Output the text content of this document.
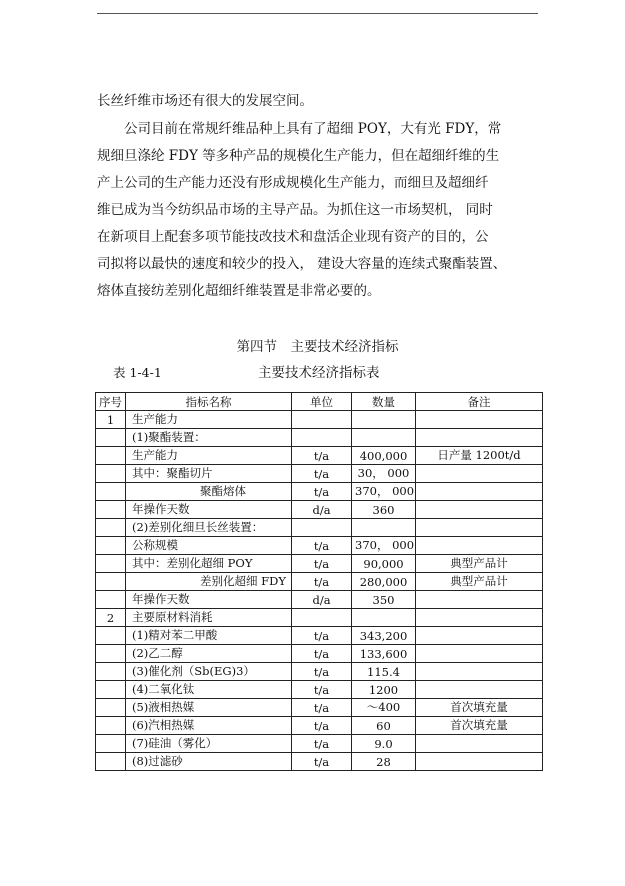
长丝纤维市场还有很大的发展空间。
　　公司目前在常规纤维品种上具有了超细 POY，大有光 FDY，常
规细旦涤纶 FDY 等多种产品的规模化生产能力，但在超细纤维的生
产上公司的生产能力还没有形成规模化生产能力，而细旦及超细纤
维已成为当今纺织品市场的主导产品。为抓住这一市场契机， 同时
在新项目上配套多项节能技改技术和盘活企业现有资产的目的，公
司拟将以最快的速度和较少的投入， 建设大容量的连续式聚酯装置、
熔体直接纺差别化超细纤维装置是非常必要的。
第四节　主要技术经济指标
表 1-4-1	主要技术经济指标表
序号	指标名称	单位	数量	备注
1	生产能力			
	(1)聚酯装置：			
	生产能力	t/a	400,000	日产量 1200t/d
	其中：聚酯切片	t/a	30， 000	
	聚酯熔体	t/a	370， 000	
	年操作天数	d/a	360	
	(2)差别化细旦长丝装置：			
	公称规模	t/a	370， 000	
	其中：差别化超细 POY	t/a	90,000	典型产品计
	差别化超细 FDY	t/a	280,000	典型产品计
	年操作天数	d/a	350	
2	主要原材料消耗			
	(1)精对苯二甲酸	t/a	343,200	
	(2)乙二醇	t/a	133,600	
	(3)催化剂（Sb(EG)3）	t/a	115.4	
	(4)二氧化钛	t/a	1200	
	(5)液相热媒	t/a	～400	首次填充量
	(6)汽相热媒	t/a	60	首次填充量
	(7)硅油（雾化）	t/a	9.0	
	(8)过滤砂	t/a	28	
